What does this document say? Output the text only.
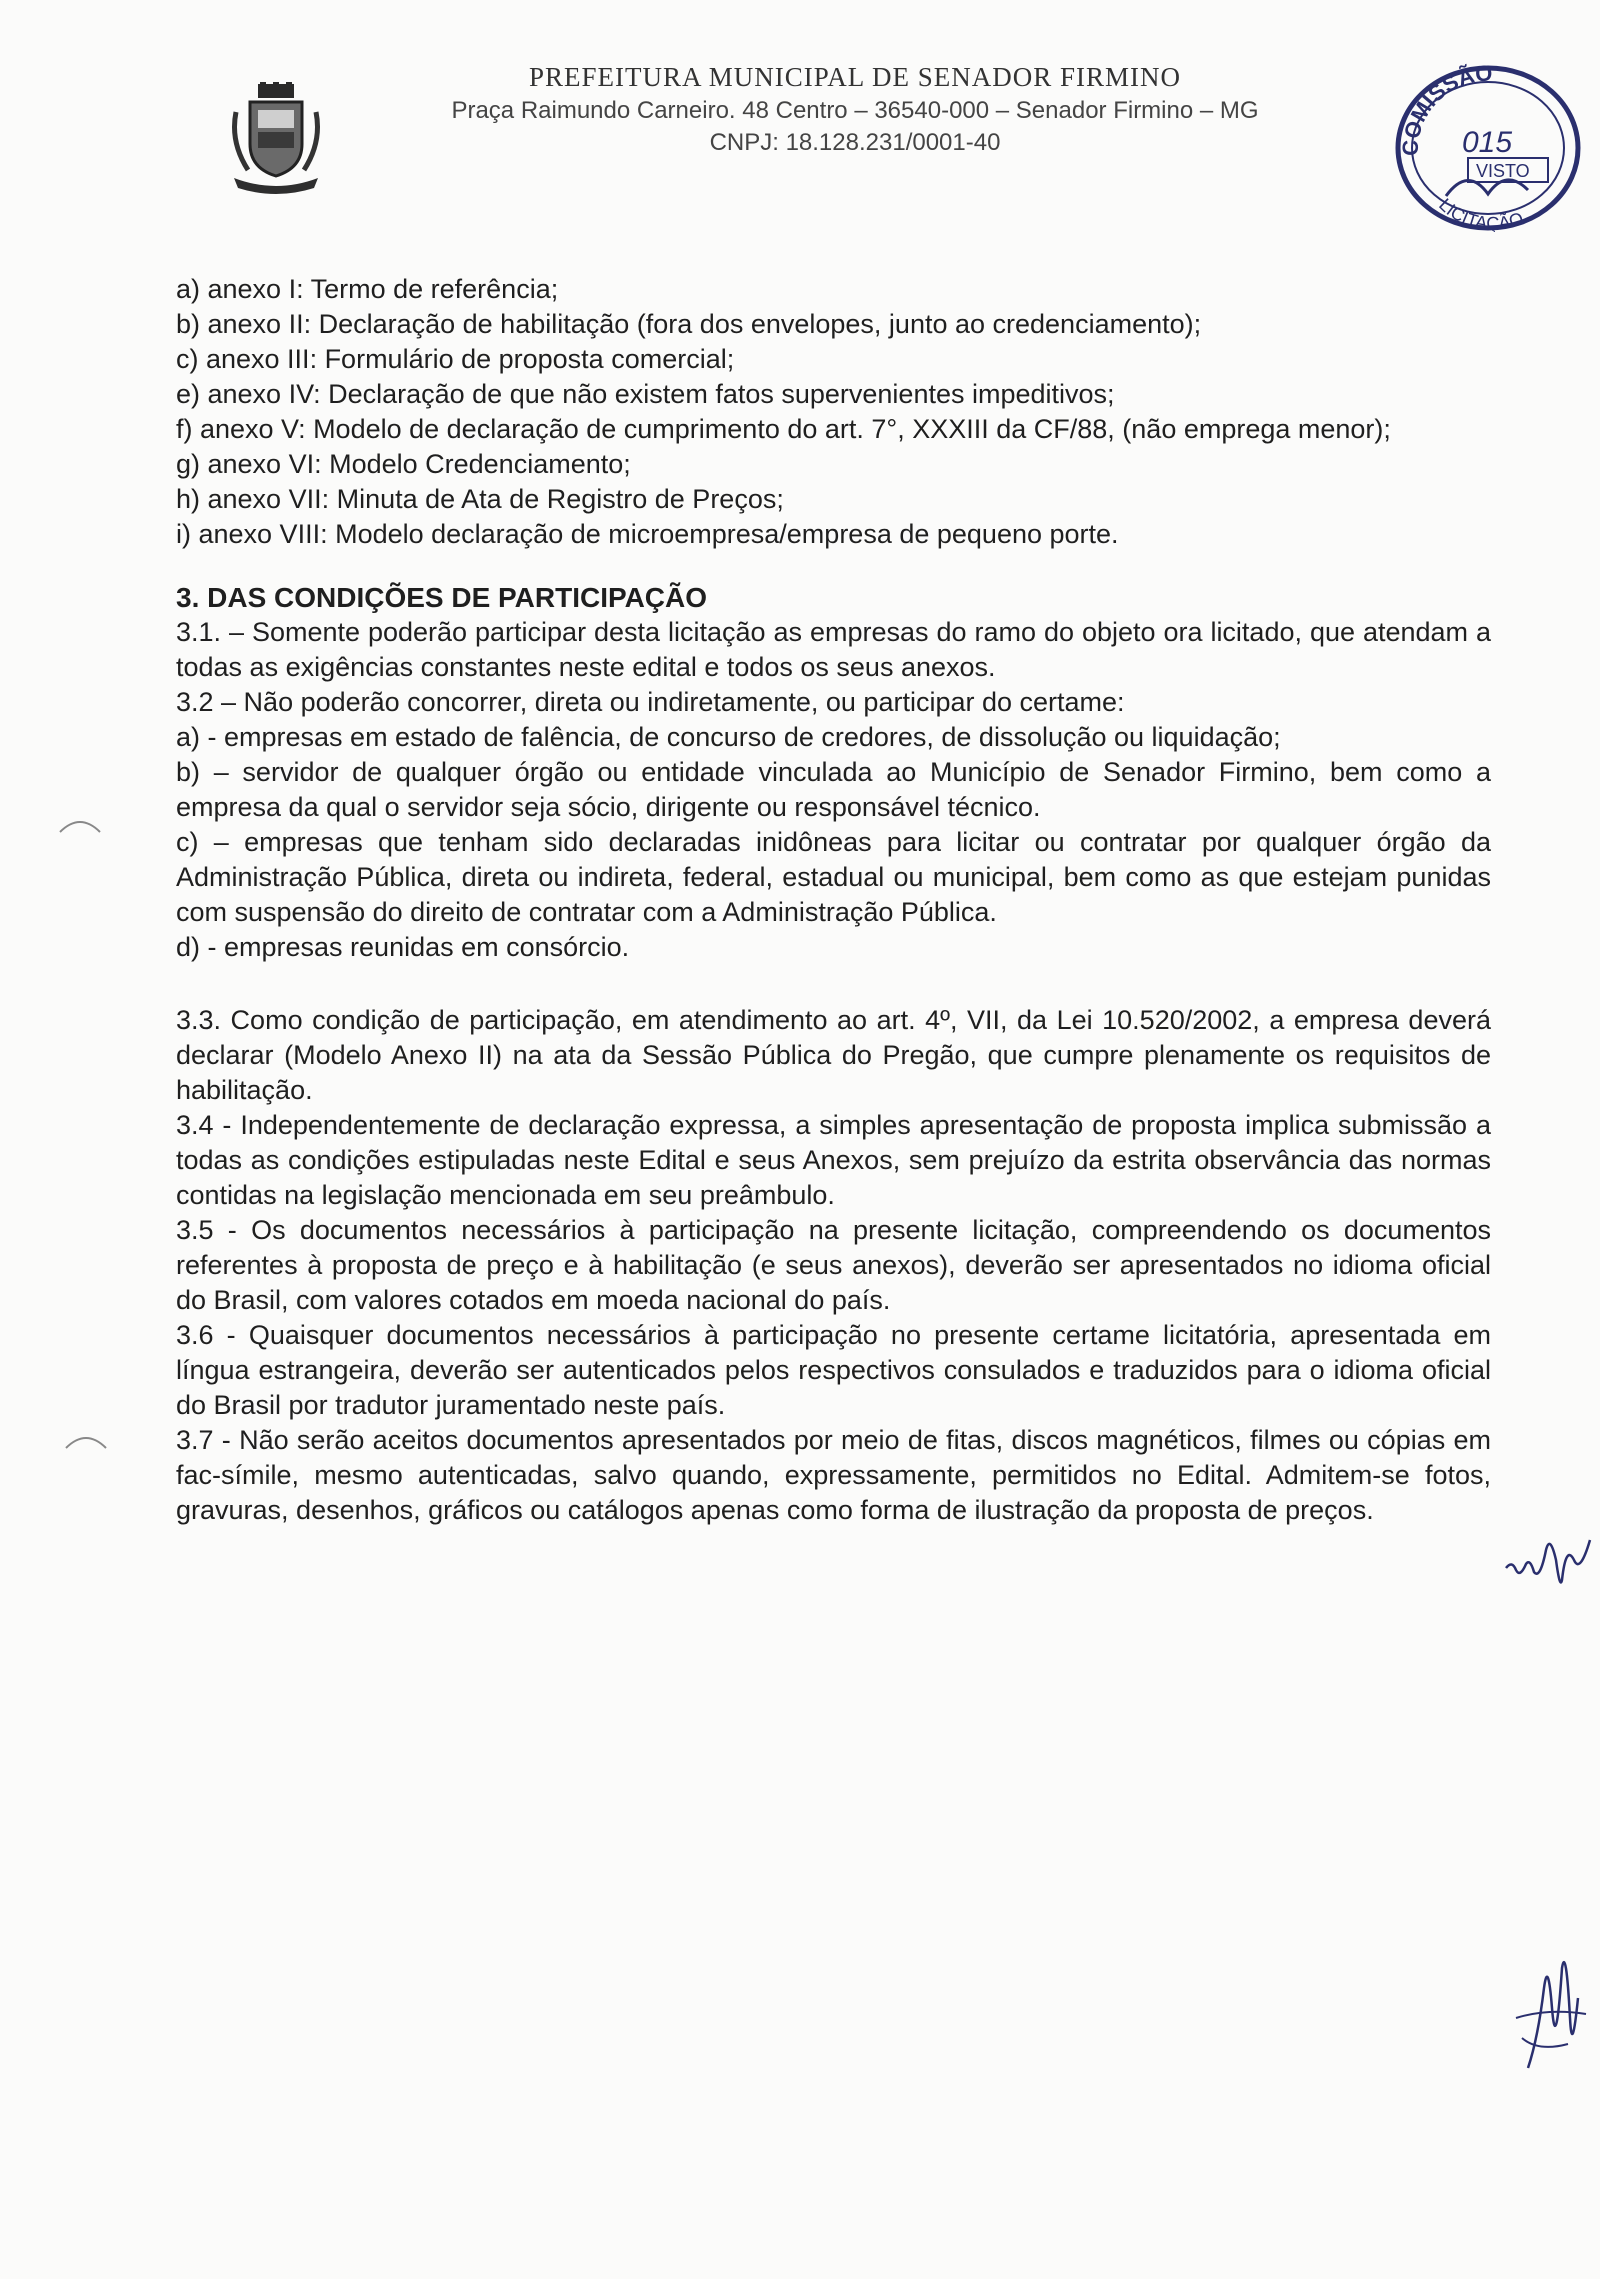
PREFEITURA MUNICIPAL DE SENADOR FIRMINO
Praça Raimundo Carneiro. 48 Centro – 36540-000 – Senador Firmino – MG
CNPJ: 18.128.231/0001-40	COMISSÃO
015
VISTO
LICITAÇÃO

a) anexo I: Termo de referência;

b) anexo II: Declaração de habilitação (fora dos envelopes, junto ao credenciamento);

c) anexo III: Formulário de proposta comercial;

e) anexo IV: Declaração de que não existem fatos supervenientes impeditivos;

f) anexo V: Modelo de declaração de cumprimento do art. 7°, XXXIII da CF/88, (não emprega menor);

g) anexo VI: Modelo Credenciamento;

h) anexo VII: Minuta de Ata de Registro de Preços;

i) anexo VIII: Modelo declaração de microempresa/empresa de pequeno porte.

3. DAS CONDIÇÕES DE PARTICIPAÇÃO

3.1. – Somente poderão participar desta licitação as empresas do ramo do objeto ora licitado, que atendam a todas as exigências constantes neste edital e todos os seus anexos.

3.2 – Não poderão concorrer, direta ou indiretamente, ou participar do certame:
a) - empresas em estado de falência, de concurso de credores, de dissolução ou liquidação;
b) – servidor de qualquer órgão ou entidade vinculada ao Município de Senador Firmino, bem como a empresa da qual o servidor seja sócio, dirigente ou responsável técnico.
c) – empresas que tenham sido declaradas inidôneas para licitar ou contratar por qualquer órgão da Administração Pública, direta ou indireta, federal, estadual ou municipal, bem como as que estejam punidas com suspensão do direito de contratar com a Administração Pública.
d) - empresas reunidas em consórcio.

3.3. Como condição de participação, em atendimento ao art. 4º, VII, da Lei 10.520/2002, a empresa deverá declarar (Modelo Anexo II) na ata da Sessão Pública do Pregão, que cumpre plenamente os requisitos de habilitação.

3.4 - Independentemente de declaração expressa, a simples apresentação de proposta implica submissão a todas as condições estipuladas neste Edital e seus Anexos, sem prejuízo da estrita observância das normas contidas na legislação mencionada em seu preâmbulo.

3.5 - Os documentos necessários à participação na presente licitação, compreendendo os documentos referentes à proposta de preço e à habilitação (e seus anexos), deverão ser apresentados no idioma oficial do Brasil, com valores cotados em moeda nacional do país.

3.6 - Quaisquer documentos necessários à participação no presente certame licitatória, apresentada em língua estrangeira, deverão ser autenticados pelos respectivos consulados e traduzidos para o idioma oficial do Brasil por tradutor juramentado neste país.

3.7 - Não serão aceitos documentos apresentados por meio de fitas, discos magnéticos, filmes ou cópias em fac-símile, mesmo autenticadas, salvo quando, expressamente, permitidos no Edital. Admitem-se fotos, gravuras, desenhos, gráficos ou catálogos apenas como forma de ilustração da proposta de preços.
